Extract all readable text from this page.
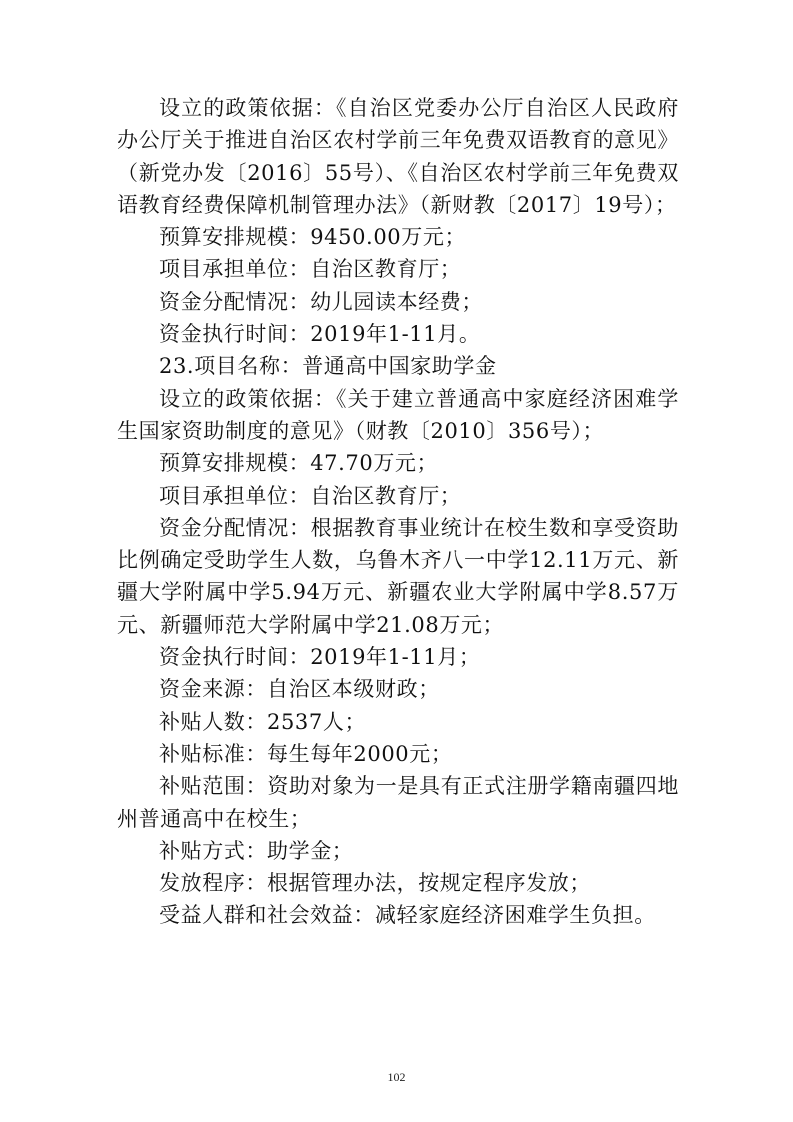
设立的政策依据：《自治区党委办公厅自治区人民政府办公厅关于推进自治区农村学前三年免费双语教育的意见》（新党办发〔2016〕55号）、《自治区农村学前三年免费双语教育经费保障机制管理办法》（新财教〔2017〕19号）；

预算安排规模：9450.00万元；

项目承担单位：自治区教育厅；

资金分配情况：幼儿园读本经费；

资金执行时间：2019年1-11月。

23.项目名称：普通高中国家助学金

设立的政策依据：《关于建立普通高中家庭经济困难学生国家资助制度的意见》（财教〔2010〕356号）；

预算安排规模：47.70万元；

项目承担单位：自治区教育厅；

资金分配情况：根据教育事业统计在校生数和享受资助比例确定受助学生人数，乌鲁木齐八一中学12.11万元、新疆大学附属中学5.94万元、新疆农业大学附属中学8.57万元、新疆师范大学附属中学21.08万元；

资金执行时间：2019年1-11月；

资金来源：自治区本级财政；

补贴人数：2537人；

补贴标准：每生每年2000元；

补贴范围：资助对象为一是具有正式注册学籍南疆四地州普通高中在校生；

补贴方式：助学金；

发放程序：根据管理办法，按规定程序发放；

受益人群和社会效益：减轻家庭经济困难学生负担。

102
